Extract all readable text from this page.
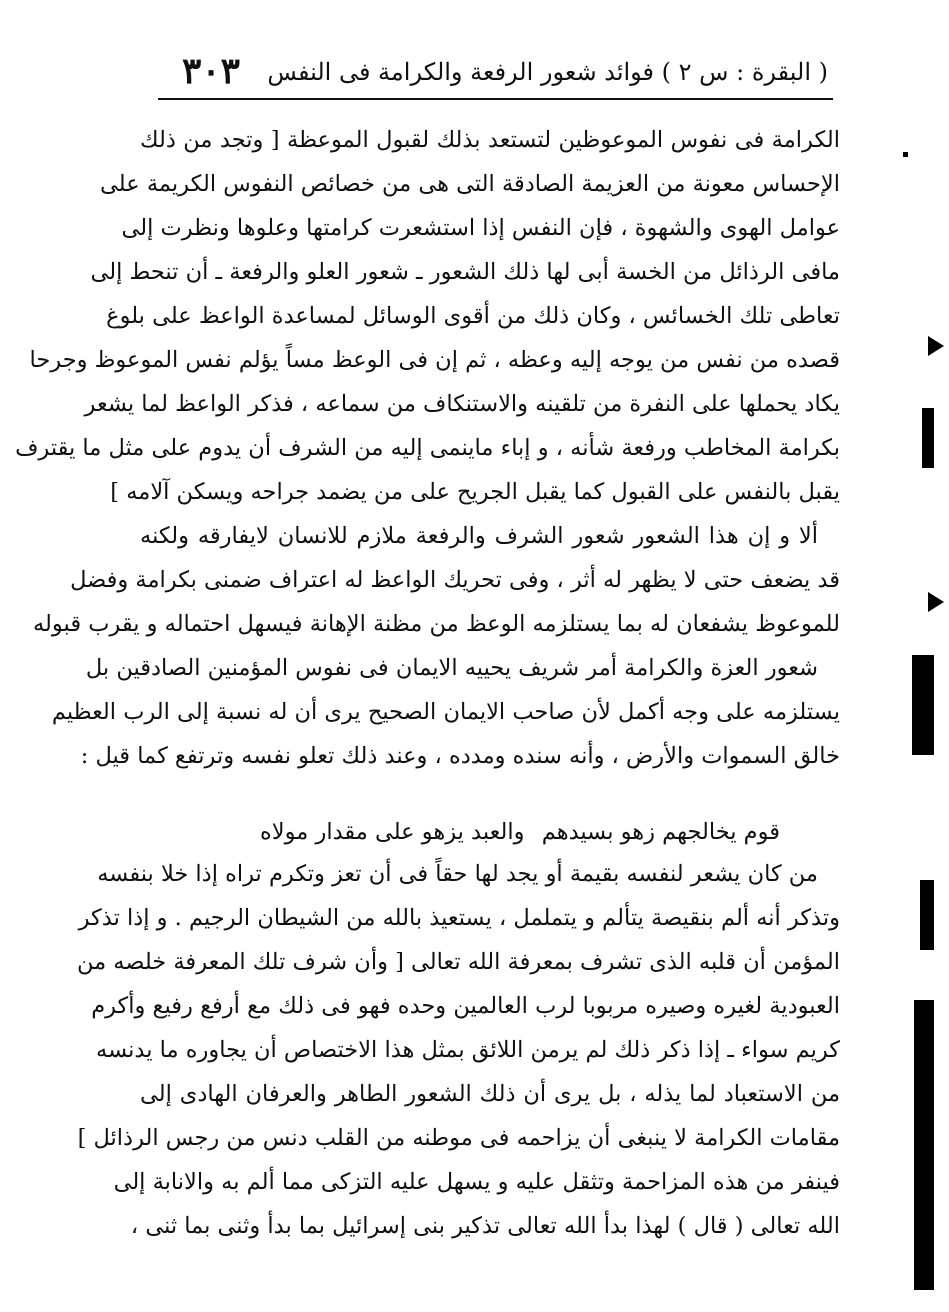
( البقرة : س ٢ ) فوائد شعور الرفعة والكرامة فى النفس
٣٠٣
الكرامة فى نفوس الموعوظين لتستعد بذلك لقبول الموعظة [ وتجد من ذلك
الإحساس معونة من العزيمة الصادقة التى هى من خصائص النفوس الكريمة على
عوامل الهوى والشهوة ، فإن النفس إذا استشعرت كرامتها وعلوها ونظرت إلى
مافى الرذائل من الخسة أبى لها ذلك الشعور ـ شعور العلو والرفعة ـ أن تنحط إلى
تعاطى تلك الخسائس ، وكان ذلك من أقوى الوسائل لمساعدة الواعظ على بلوغ
قصده من نفس من يوجه إليه وعظه ، ثم إن فى الوعظ مساً يؤلم نفس الموعوظ وجرحا
يكاد يحملها على النفرة من تلقينه والاستنكاف من سماعه ، فذكر الواعظ لما يشعر
بكرامة المخاطب ورفعة شأنه ، و إباء ماينمى إليه من الشرف أن يدوم على مثل ما يقترف
يقبل بالنفس على القبول كما يقبل الجريح على من يضمد جراحه ويسكن آلامه ]
ألا و إن هذا الشعور شعور الشرف والرفعة ملازم للانسان لايفارقه ولكنه
قد يضعف حتى لا يظهر له أثر ، وفى تحريك الواعظ له اعتراف ضمنى بكرامة وفضل
للموعوظ يشفعان له بما يستلزمه الوعظ من مظنة الإهانة فيسهل احتماله و يقرب قبوله
شعور العزة والكرامة أمر شريف يحييه الايمان فى نفوس المؤمنين الصادقين بل
يستلزمه على وجه أكمل لأن صاحب الايمان الصحيح يرى أن له نسبة إلى الرب العظيم
خالق السموات والأرض ، وأنه سنده ومدده ، وعند ذلك تعلو نفسه وترتفع كما قيل :
من كان يشعر لنفسه بقيمة أو يجد لها حقاً فى أن تعز وتكرم تراه إذا خلا بنفسه
وتذكر أنه ألم بنقيصة يتألم و يتململ ، يستعيذ بالله من الشيطان الرجيم . و إذا تذكر
المؤمن أن قلبه الذى تشرف بمعرفة الله تعالى [ وأن شرف تلك المعرفة خلصه من
العبودية لغيره وصيره مربوبا لرب العالمين وحده فهو فى ذلك مع أرفع رفيع وأكرم
كريم سواء ـ إذا ذكر ذلك لم يرمن اللائق بمثل هذا الاختصاص أن يجاوره ما يدنسه
من الاستعباد لما يذله ، بل يرى أن ذلك الشعور الطاهر والعرفان الهادى إلى
مقامات الكرامة لا ينبغى أن يزاحمه فى موطنه من القلب دنس من رجس الرذائل ]
فينفر من هذه المزاحمة وتثقل عليه و يسهل عليه التزكى مما ألم به والانابة إلى
الله تعالى ( قال ) لهذا بدأ الله تعالى تذكير بنى إسرائيل بما بدأ وثنى بما ثنى ،
قوم يخالجهم زهو بسيدهم
والعبد يزهو على مقدار مولاه
